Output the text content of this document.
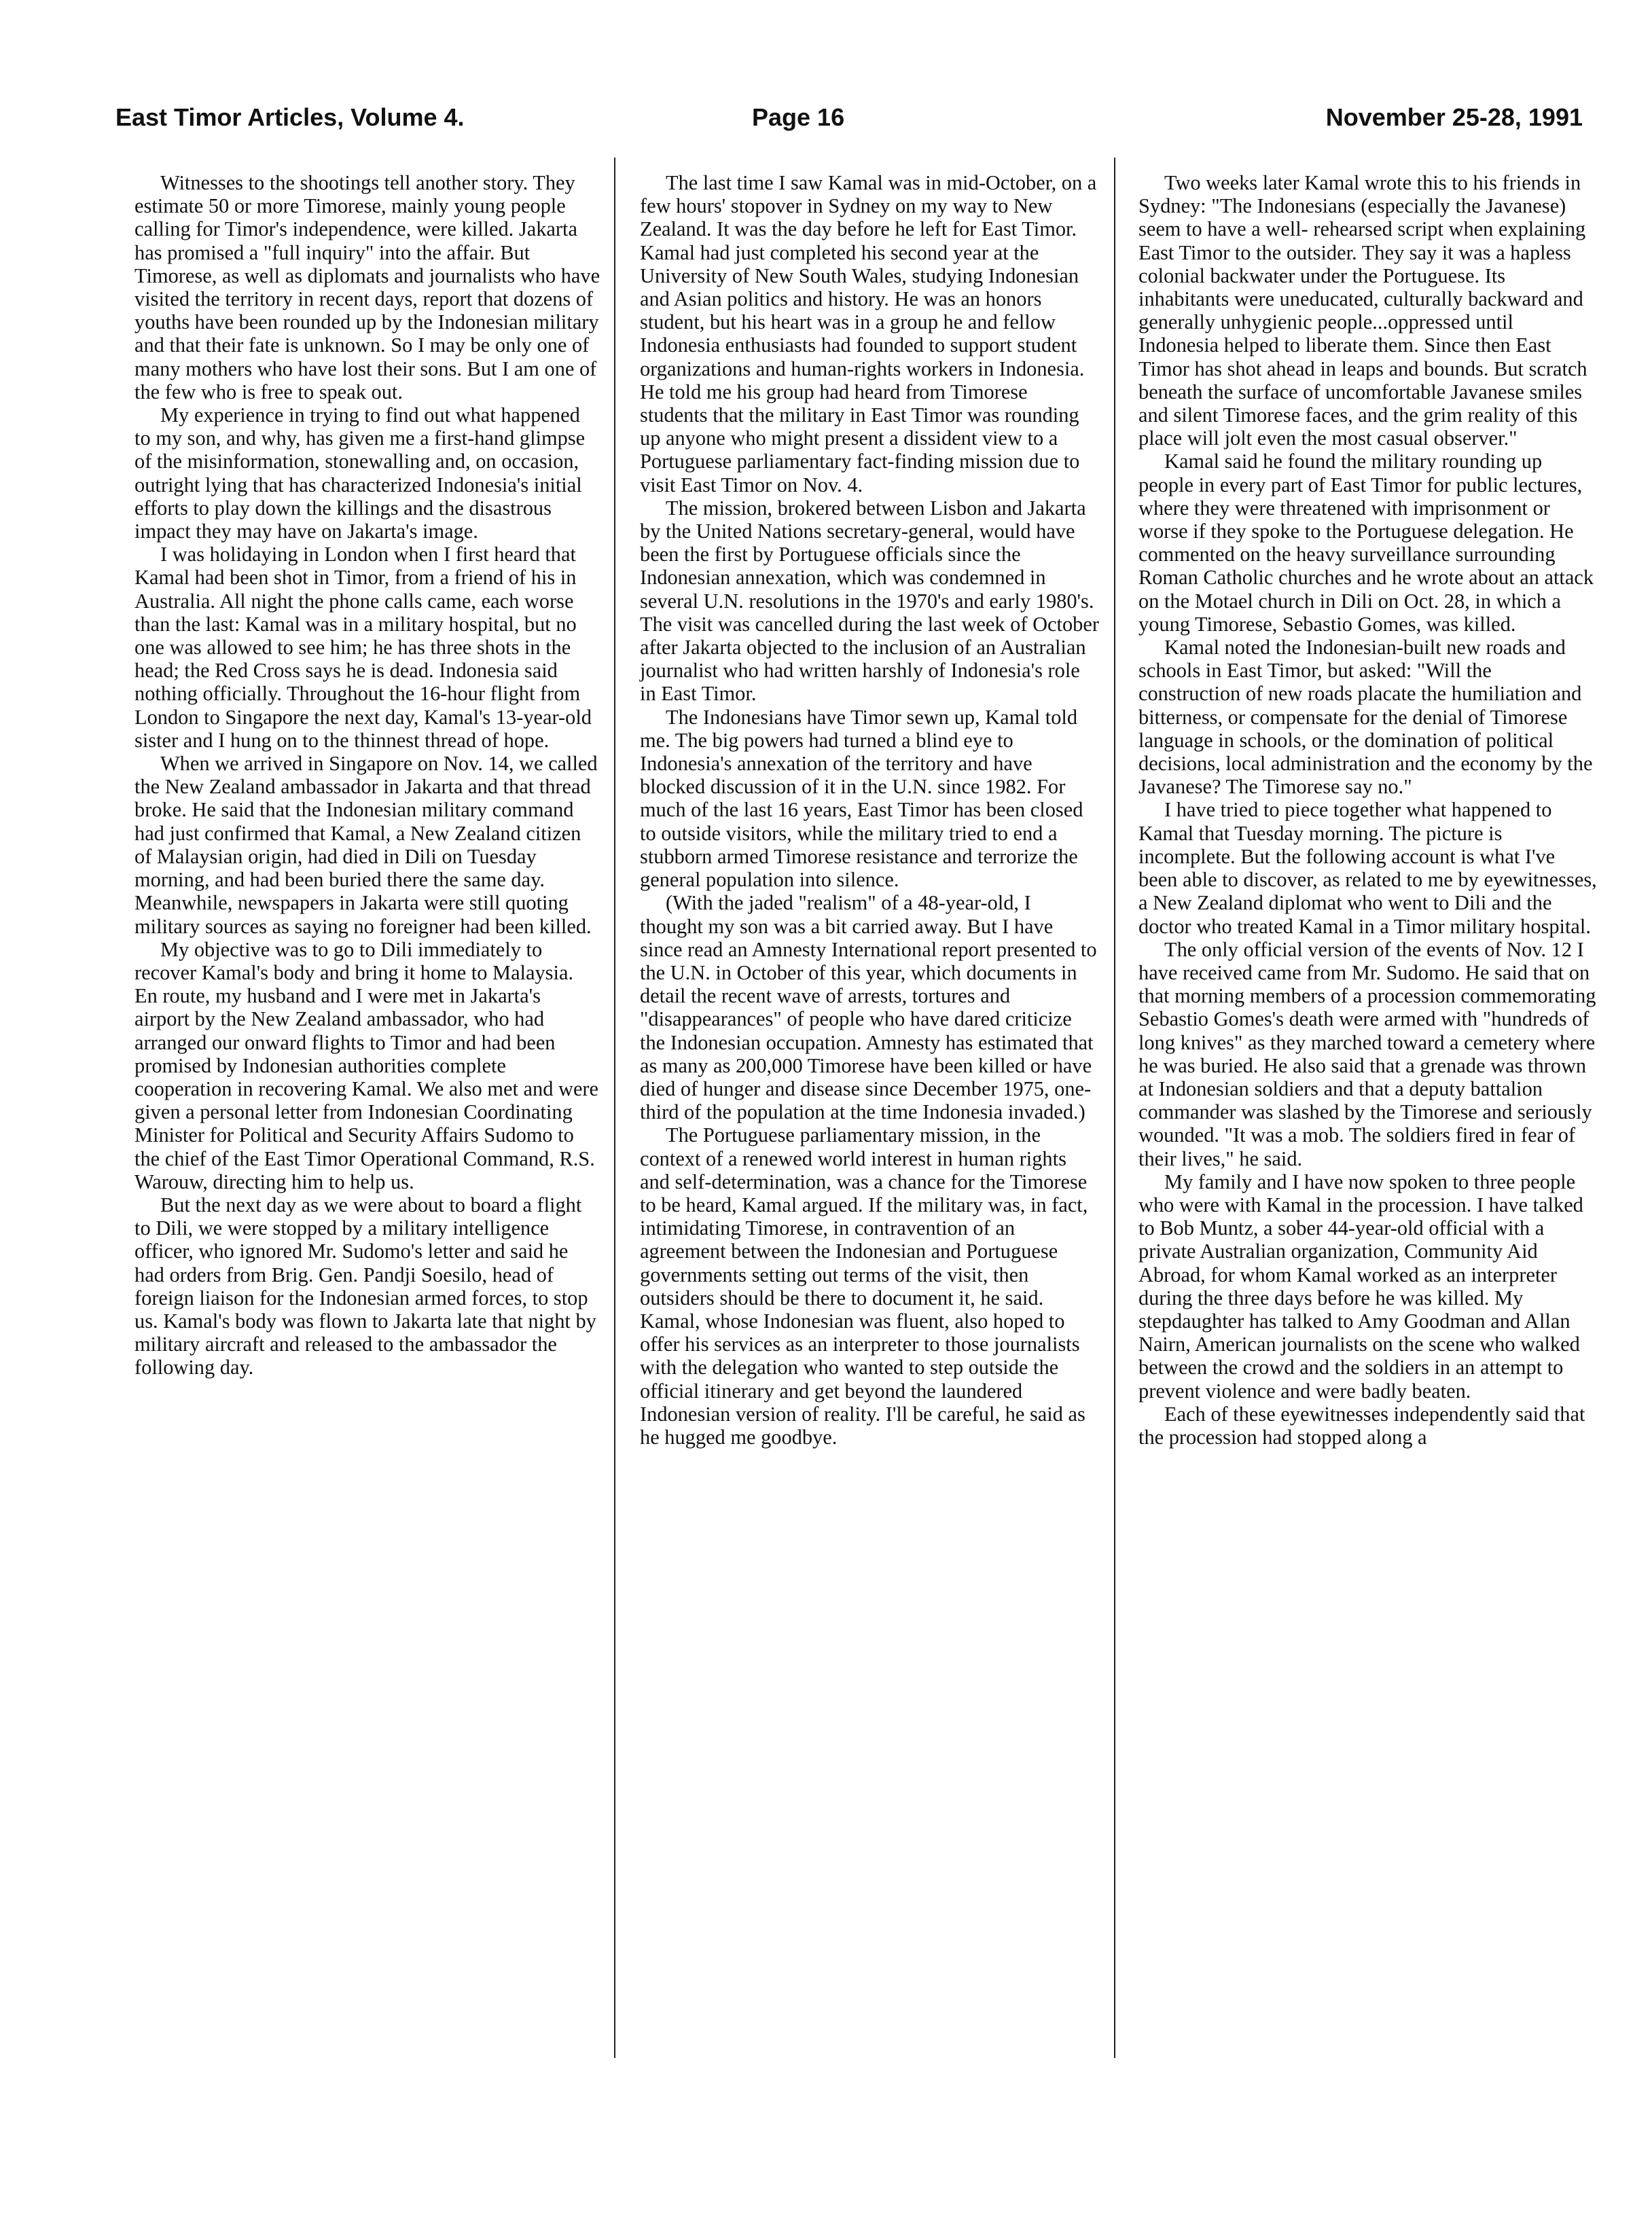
East Timor Articles, Volume 4.	Page 16	November 25-28, 1991

Witnesses to the shootings tell another story. They estimate 50 or more Timorese, mainly young people calling for Timor's independence, were killed. Jakarta has promised a "full inquiry" into the affair. But Timorese, as well as diplomats and journalists who have visited the territory in recent days, report that dozens of youths have been rounded up by the Indonesian military and that their fate is unknown. So I may be only one of many mothers who have lost their sons. But I am one of the few who is free to speak out.

My experience in trying to find out what happened to my son, and why, has given me a first-hand glimpse of the misinformation, stonewalling and, on occasion, outright lying that has characterized Indonesia's initial efforts to play down the killings and the disastrous impact they may have on Jakarta's image.

I was holidaying in London when I first heard that Kamal had been shot in Timor, from a friend of his in Australia. All night the phone calls came, each worse than the last: Kamal was in a military hospital, but no one was allowed to see him; he has three shots in the head; the Red Cross says he is dead. Indonesia said nothing officially. Throughout the 16-hour flight from London to Singapore the next day, Kamal's 13-year-old sister and I hung on to the thinnest thread of hope.

When we arrived in Singapore on Nov. 14, we called the New Zealand ambassador in Jakarta and that thread broke. He said that the Indonesian military command had just confirmed that Kamal, a New Zealand citizen of Malaysian origin, had died in Dili on Tuesday morning, and had been buried there the same day. Meanwhile, newspapers in Jakarta were still quoting military sources as saying no foreigner had been killed.

My objective was to go to Dili immediately to recover Kamal's body and bring it home to Malaysia. En route, my husband and I were met in Jakarta's airport by the New Zealand ambassador, who had arranged our onward flights to Timor and had been promised by Indonesian authorities complete cooperation in recovering Kamal. We also met and were given a personal letter from Indonesian Coordinating Minister for Political and Security Affairs Sudomo to the chief of the East Timor Operational Command, R.S. Warouw, directing him to help us.

But the next day as we were about to board a flight to Dili, we were stopped by a military intelligence officer, who ignored Mr. Sudomo's letter and said he had orders from Brig. Gen. Pandji Soesilo, head of foreign liaison for the Indonesian armed forces, to stop us. Kamal's body was flown to Jakarta late that night by military aircraft and released to the ambassador the following day.

The last time I saw Kamal was in mid-October, on a few hours' stopover in Sydney on my way to New Zealand. It was the day before he left for East Timor. Kamal had just completed his second year at the University of New South Wales, studying Indonesian and Asian politics and history. He was an honors student, but his heart was in a group he and fellow Indonesia enthusiasts had founded to support student organizations and human-rights workers in Indonesia. He told me his group had heard from Timorese students that the military in East Timor was rounding up anyone who might present a dissident view to a Portuguese parliamentary fact-finding mission due to visit East Timor on Nov. 4.

The mission, brokered between Lisbon and Jakarta by the United Nations secretary-general, would have been the first by Portuguese officials since the Indonesian annexation, which was condemned in several U.N. resolutions in the 1970's and early 1980's. The visit was cancelled during the last week of October after Jakarta objected to the inclusion of an Australian journalist who had written harshly of Indonesia's role in East Timor.

The Indonesians have Timor sewn up, Kamal told me. The big powers had turned a blind eye to Indonesia's annexation of the territory and have blocked discussion of it in the U.N. since 1982. For much of the last 16 years, East Timor has been closed to outside visitors, while the military tried to end a stubborn armed Timorese resistance and terrorize the general population into silence.

(With the jaded "realism" of a 48-year-old, I thought my son was a bit carried away. But I have since read an Amnesty International report presented to the U.N. in October of this year, which documents in detail the recent wave of arrests, tortures and "disappearances" of people who have dared criticize the Indonesian occupation. Amnesty has estimated that as many as 200,000 Timorese have been killed or have died of hunger and disease since December 1975, one-third of the population at the time Indonesia invaded.)

The Portuguese parliamentary mission, in the context of a renewed world interest in human rights and self-determination, was a chance for the Timorese to be heard, Kamal argued. If the military was, in fact, intimidating Timorese, in contravention of an agreement between the Indonesian and Portuguese governments setting out terms of the visit, then outsiders should be there to document it, he said. Kamal, whose Indonesian was fluent, also hoped to offer his services as an interpreter to those journalists with the delegation who wanted to step outside the official itinerary and get beyond the laundered Indonesian version of reality. I'll be careful, he said as he hugged me goodbye.

Two weeks later Kamal wrote this to his friends in Sydney: "The Indonesians (especially the Javanese) seem to have a well- rehearsed script when explaining East Timor to the outsider. They say it was a hapless colonial backwater under the Portuguese. Its inhabitants were uneducated, culturally backward and generally unhygienic people...oppressed until Indonesia helped to liberate them. Since then East Timor has shot ahead in leaps and bounds. But scratch beneath the surface of uncomfortable Javanese smiles and silent Timorese faces, and the grim reality of this place will jolt even the most casual observer."

Kamal said he found the military rounding up people in every part of East Timor for public lectures, where they were threatened with imprisonment or worse if they spoke to the Portuguese delegation. He commented on the heavy surveillance surrounding Roman Catholic churches and he wrote about an attack on the Motael church in Dili on Oct. 28, in which a young Timorese, Sebastio Gomes, was killed.

Kamal noted the Indonesian-built new roads and schools in East Timor, but asked: "Will the construction of new roads placate the humiliation and bitterness, or compensate for the denial of Timorese language in schools, or the domination of political decisions, local administration and the economy by the Javanese? The Timorese say no."

I have tried to piece together what happened to Kamal that Tuesday morning. The picture is incomplete. But the following account is what I've been able to discover, as related to me by eyewitnesses, a New Zealand diplomat who went to Dili and the doctor who treated Kamal in a Timor military hospital.

The only official version of the events of Nov. 12 I have received came from Mr. Sudomo. He said that on that morning members of a procession commemorating Sebastio Gomes's death were armed with "hundreds of long knives" as they marched toward a cemetery where he was buried. He also said that a grenade was thrown at Indonesian soldiers and that a deputy battalion commander was slashed by the Timorese and seriously wounded. "It was a mob. The soldiers fired in fear of their lives," he said.

My family and I have now spoken to three people who were with Kamal in the procession. I have talked to Bob Muntz, a sober 44-year-old official with a private Australian organization, Community Aid Abroad, for whom Kamal worked as an interpreter during the three days before he was killed. My stepdaughter has talked to Amy Goodman and Allan Nairn, American journalists on the scene who walked between the crowd and the soldiers in an attempt to prevent violence and were badly beaten.

Each of these eyewitnesses independently said that the procession had stopped along a
